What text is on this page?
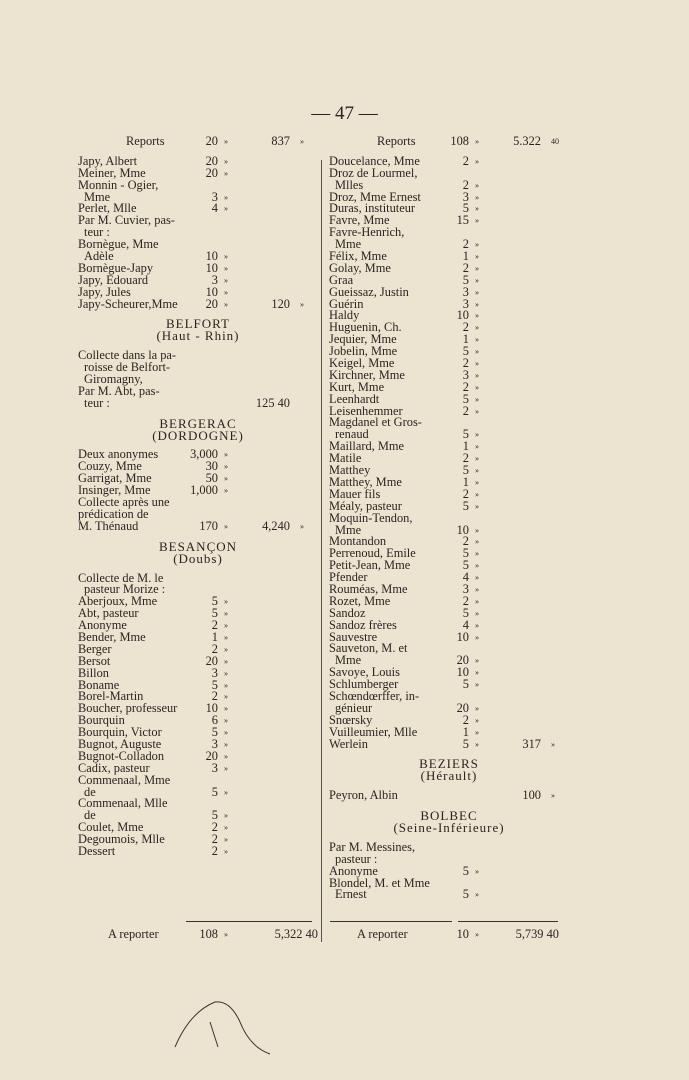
— 47 —
Reports	20 »	837 »
Japy, Albert	20 »
Meiner, Mme	20 »
Monnin - Ogier,
Mme	3 »
Perlet, Mlle	4 »
Par M. Cuvier, pas-
teur :
Bornègue, Mme
Adèle	10 »
Bornègue-Japy	10 »
Japy, Edouard	3 »
Japy, Jules	10 »
Japy-Scheurer,Mme 20 »	120 »
BELFORT
(Haut - Rhin)
Collecte dans la pa-
roisse de Belfort-
Giromagny,
Par M. Abt, pas-
teur :	125 40
BERGERAC
(DORDOGNE)
Deux anonymes	3,000 »
Couzy, Mme	30 »
Garrigat, Mme	50 »
Insinger, Mme	1,000 »
Collecte après une
prédication de
M. Thénaud	170 »	4,240 »
BESANÇON
(Doubs)
Collecte de M. le
pasteur Morize :
Aberjoux, Mme	5 »
Abt, pasteur	5 »
Anonyme	2 »
Bender, Mme	1 »
Berger	2 »
Bersot	20 »
Billon	3 »
Boname	5 »
Borel-Martin	2 »
Boucher, professeur 10 »
Bourquin	6 »
Bourquin, Victor	5 »
Bugnot, Auguste	3 »
Bugnot-Colladon	20 »
Cadix, pasteur	3 »
Commenaal, Mme
de	5 »
Commenaal, Mlle
de	5 »
Coulet, Mme	2 »
Degoumois, Mlle	2 »
Dessert	2 »
Reports	108 »	5.322 40
Doucelance, Mme	2 »
Droz de Lourmel,
Mlles	2 »
Droz, Mme Ernest	3 »
Duras, instituteur	5 »
Favre, Mme	15 »
Favre-Henrich,
Mme	2 »
Félix, Mme	1 »
Golay, Mme	2 »
Graa	5 »
Gueissaz, Justin	3 »
Guérin	3 »
Haldy	10 »
Huguenin, Ch.	2 »
Jequier, Mme	1 »
Jobelin, Mme	5 »
Keigel, Mme	2 »
Kirchner, Mme	3 »
Kurt, Mme	2 »
Leenhardt	5 »
Leisenhemmer	2 »
Magdanel et Gros-
renaud	5 »
Maillard, Mme	1 »
Matile	2 »
Matthey	5 »
Matthey, Mme	1 »
Mauer fils	2 »
Méaly, pasteur	5 »
Moquin-Tendon,
Mme	10 »
Montandon	2 »
Perrenoud, Emile	5 »
Petit-Jean, Mme	5 »
Pfender	4 »
Rouméas, Mme	3 »
Rozet, Mme	2 »
Sandoz	5 »
Sandoz frères	4 »
Sauvestre	10 »
Sauveton, M. et
Mme	20 »
Savoye, Louis	10 »
Schlumberger	5 »
Schœndœrffer, in-
génieur	20 »
Snœrsky	2 »
Vuilleumier, Mlle	1 »
Werlein	5 »	317 »
BEZIERS
(Hérault)
Peyron, Albin	100 »
BOLBEC
(Seine-Inférieure)
Par M. Messines,
pasteur :
Anonyme	5 »
Blondel, M. et Mme
Ernest	5 »
A reporter	108 »	5,322 40	A reporter	10 »	5,739 40
